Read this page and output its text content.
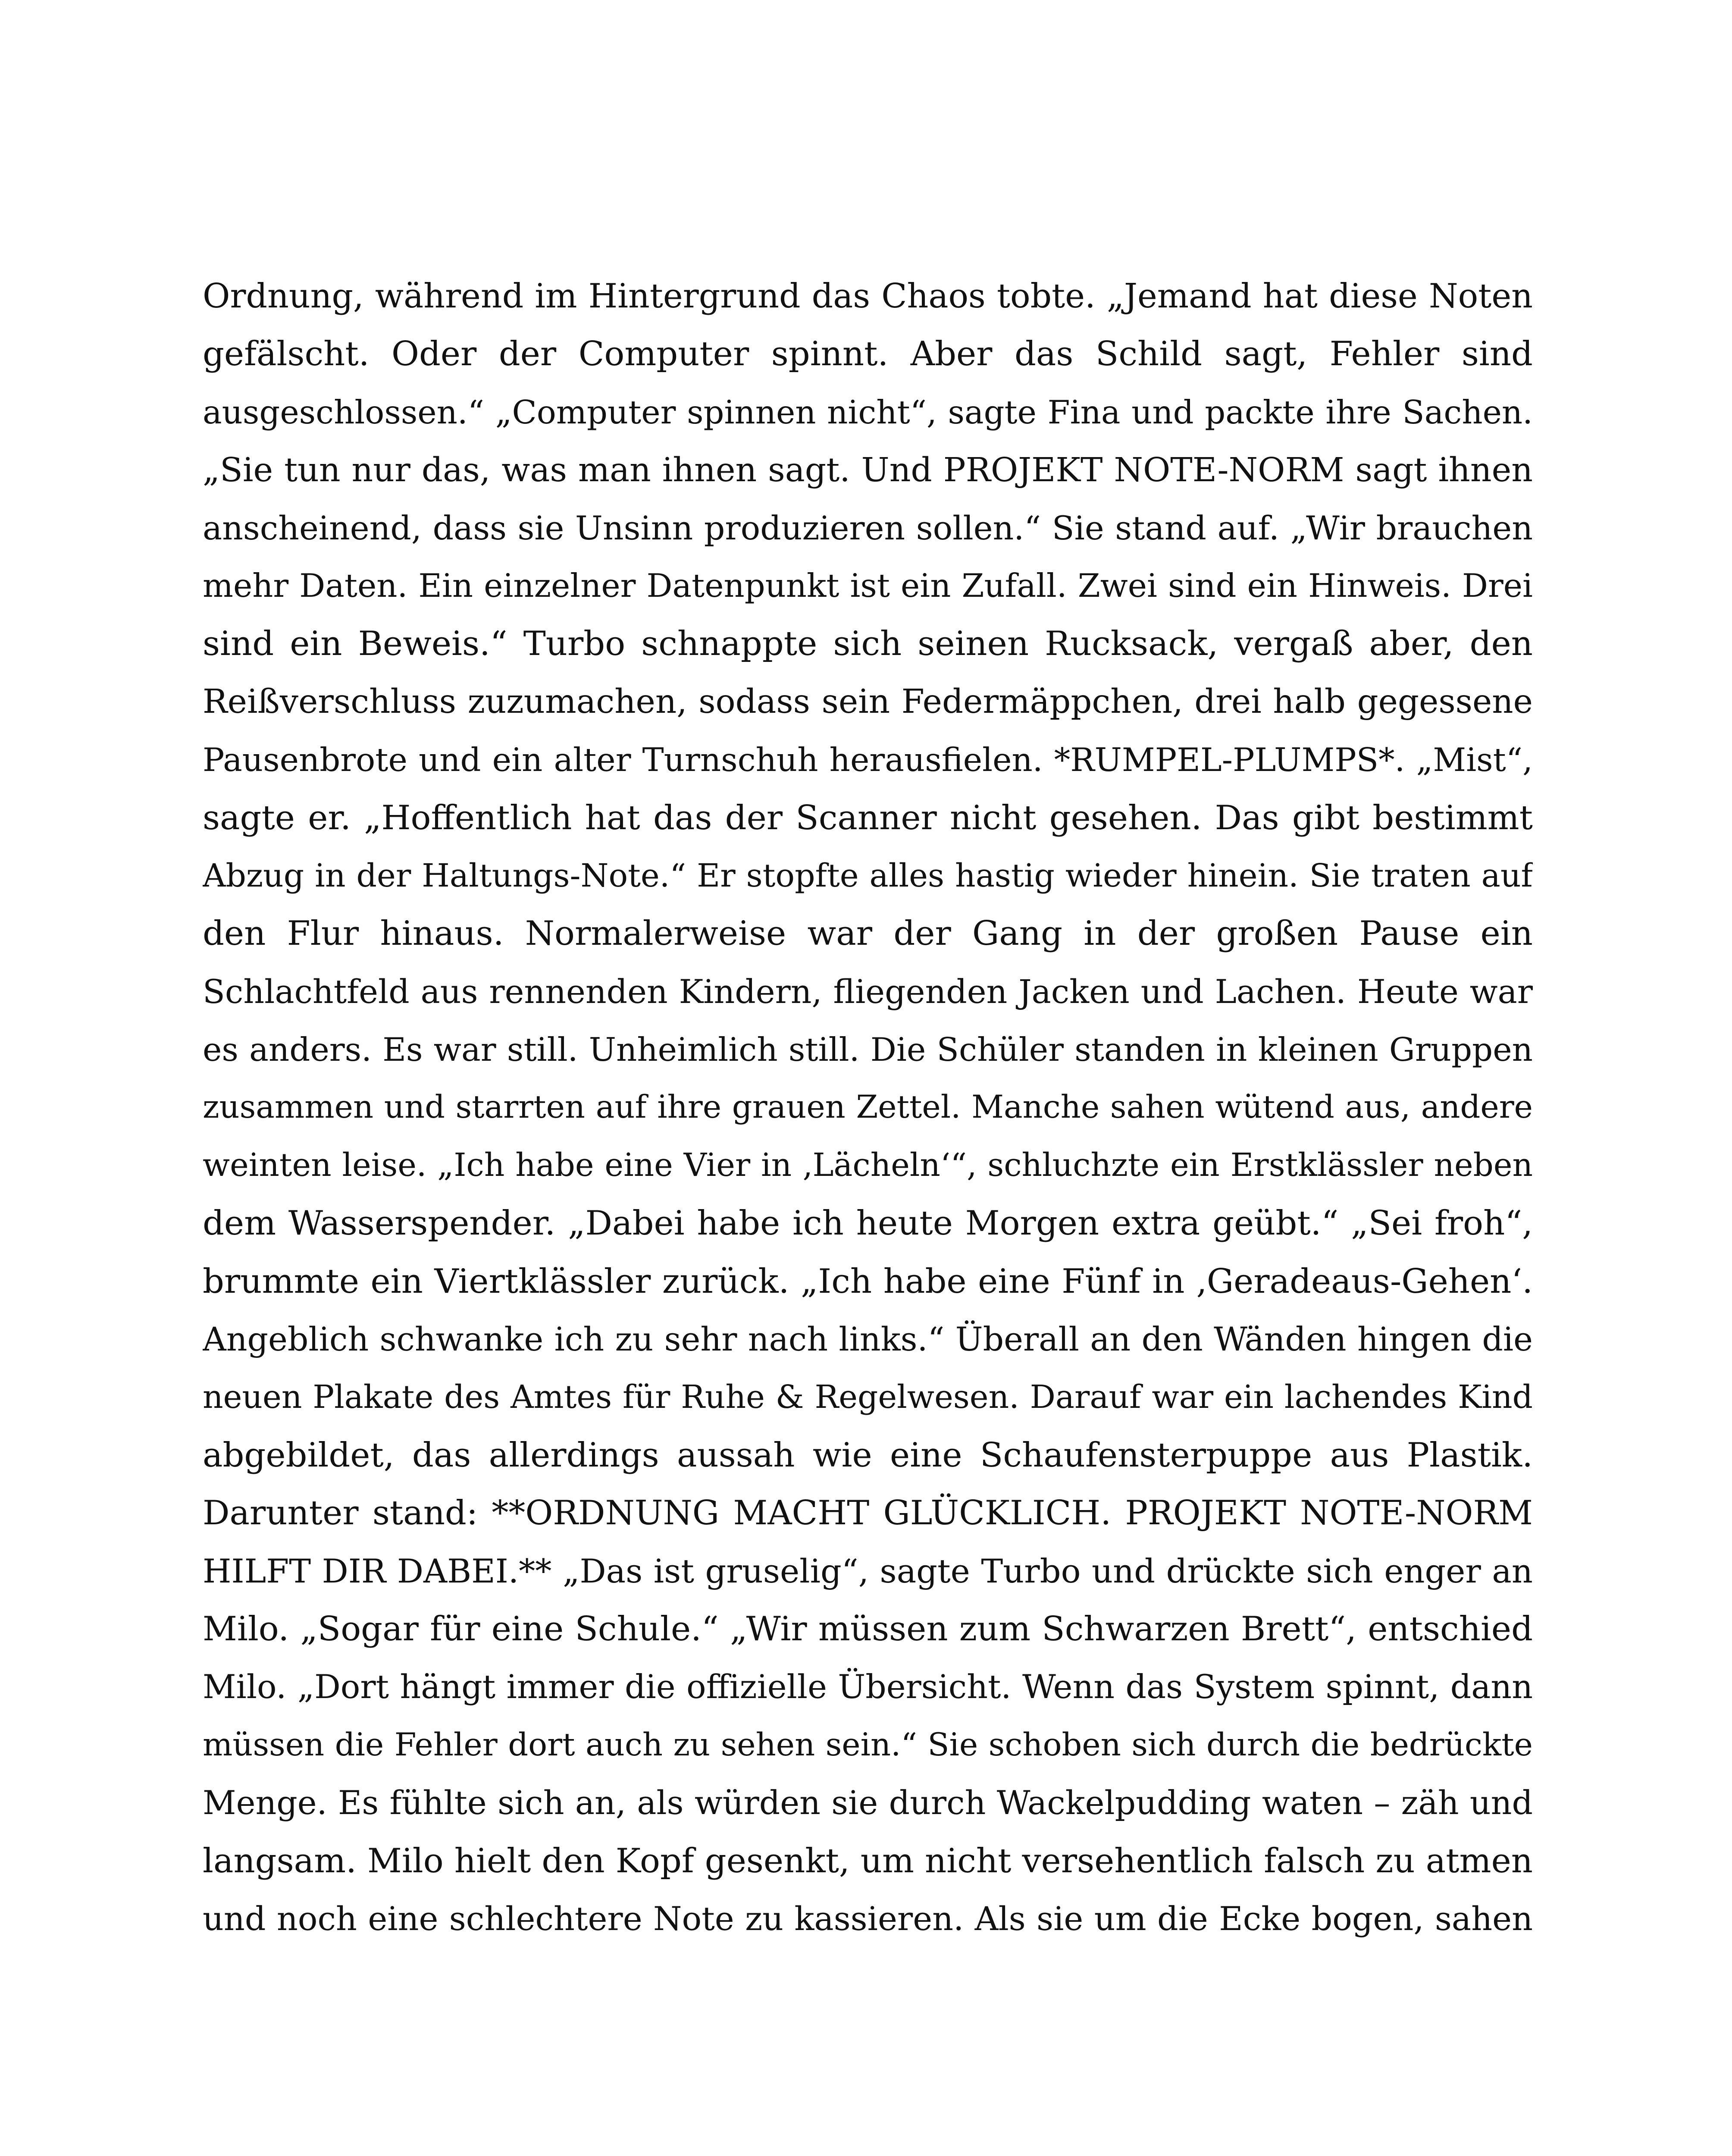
Ordnung, während im Hintergrund das Chaos tobte. „Jemand hat diese Noten
gefälscht. Oder der Computer spinnt. Aber das Schild sagt, Fehler sind
ausgeschlossen.“ „Computer spinnen nicht“, sagte Fina und packte ihre Sachen.
„Sie tun nur das, was man ihnen sagt. Und PROJEKT NOTE-NORM sagt ihnen
anscheinend, dass sie Unsinn produzieren sollen.“ Sie stand auf. „Wir brauchen
mehr Daten. Ein einzelner Datenpunkt ist ein Zufall. Zwei sind ein Hinweis. Drei
sind ein Beweis.“ Turbo schnappte sich seinen Rucksack, vergaß aber, den
Reißverschluss zuzumachen, sodass sein Federmäppchen, drei halb gegessene
Pausenbrote und ein alter Turnschuh herausfielen. *RUMPEL-PLUMPS*. „Mist“,
sagte er. „Hoffentlich hat das der Scanner nicht gesehen. Das gibt bestimmt
Abzug in der Haltungs-Note.“ Er stopfte alles hastig wieder hinein. Sie traten auf
den Flur hinaus. Normalerweise war der Gang in der großen Pause ein
Schlachtfeld aus rennenden Kindern, fliegenden Jacken und Lachen. Heute war
es anders. Es war still. Unheimlich still. Die Schüler standen in kleinen Gruppen
zusammen und starrten auf ihre grauen Zettel. Manche sahen wütend aus, andere
weinten leise. „Ich habe eine Vier in ‚Lächeln‘“, schluchzte ein Erstklässler neben
dem Wasserspender. „Dabei habe ich heute Morgen extra geübt.“ „Sei froh“,
brummte ein Viertklässler zurück. „Ich habe eine Fünf in ‚Geradeaus-Gehen‘.
Angeblich schwanke ich zu sehr nach links.“ Überall an den Wänden hingen die
neuen Plakate des Amtes für Ruhe & Regelwesen. Darauf war ein lachendes Kind
abgebildet, das allerdings aussah wie eine Schaufensterpuppe aus Plastik.
Darunter stand: **ORDNUNG MACHT GLÜCKLICH. PROJEKT NOTE-NORM
HILFT DIR DABEI.** „Das ist gruselig“, sagte Turbo und drückte sich enger an
Milo. „Sogar für eine Schule.“ „Wir müssen zum Schwarzen Brett“, entschied
Milo. „Dort hängt immer die offizielle Übersicht. Wenn das System spinnt, dann
müssen die Fehler dort auch zu sehen sein.“ Sie schoben sich durch die bedrückte
Menge. Es fühlte sich an, als würden sie durch Wackelpudding waten – zäh und
langsam. Milo hielt den Kopf gesenkt, um nicht versehentlich falsch zu atmen
und noch eine schlechtere Note zu kassieren. Als sie um die Ecke bogen, sahen
